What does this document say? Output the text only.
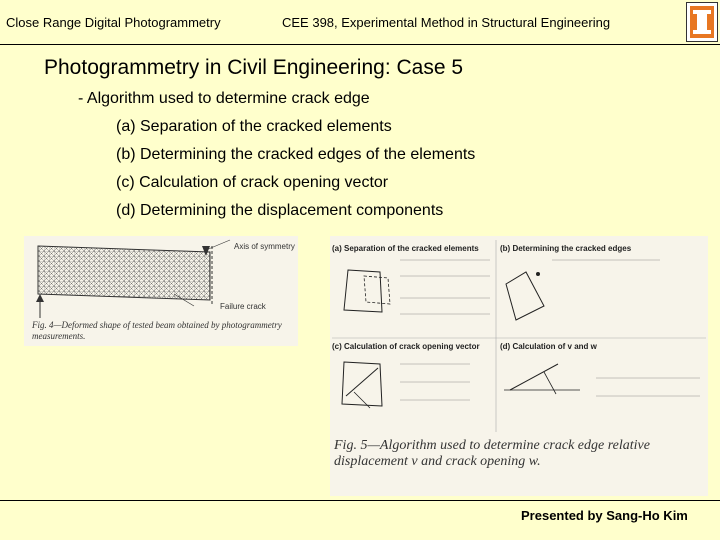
Close Range Digital Photogrammetry	CEE 398, Experimental Method in Structural Engineering
Photogrammetry in Civil Engineering: Case 5
- Algorithm used to determine crack edge
(a) Separation of the cracked elements
(b) Determining the cracked edges of the elements
(c) Calculation of crack opening vector
(d) Determining the displacement components
Axis of symmetry
Failure crack
Fig. 4—Deformed shape of tested beam obtained by photogrammetry measurements.
(a) Separation of the cracked elements	(b) Determining the cracked edges
(c) Calculation of crack opening vector	(d) Calculation of v and w
Fig. 5—Algorithm used to determine crack edge relative displacement v and crack opening w.
Presented by Sang-Ho Kim
